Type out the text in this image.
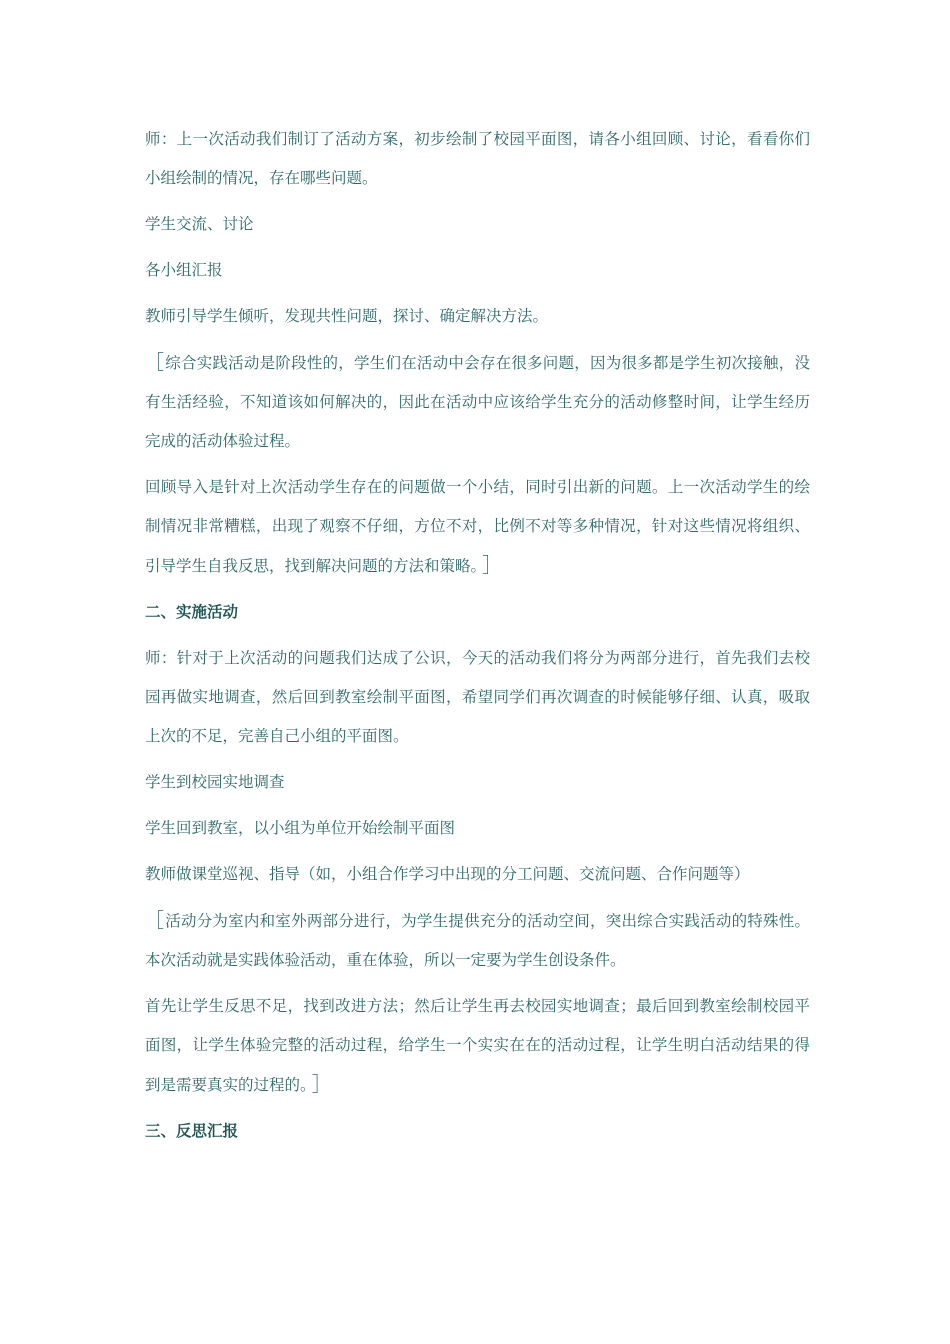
师：上一次活动我们制订了活动方案，初步绘制了校园平面图，请各小组回顾、讨论，看看你们小组绘制的情况，存在哪些问题。

学生交流、讨论

各小组汇报

教师引导学生倾听，发现共性问题，探讨、确定解决方法。

［综合实践活动是阶段性的，学生们在活动中会存在很多问题，因为很多都是学生初次接触，没有生活经验，不知道该如何解决的，因此在活动中应该给学生充分的活动修整时间，让学生经历完成的活动体验过程。

回顾导入是针对上次活动学生存在的问题做一个小结，同时引出新的问题。上一次活动学生的绘制情况非常糟糕，出现了观察不仔细，方位不对，比例不对等多种情况，针对这些情况将组织、引导学生自我反思，找到解决问题的方法和策略。 ］

二、实施活动

师：针对于上次活动的问题我们达成了公识，今天的活动我们将分为两部分进行，首先我们去校园再做实地调查，然后回到教室绘制平面图，希望同学们再次调查的时候能够仔细、认真，吸取上次的不足，完善自己小组的平面图。

学生到校园实地调查

学生回到教室，以小组为单位开始绘制平面图

教师做课堂巡视、指导（如，小组合作学习中出现的分工问题、交流问题、合作问题等）

［活动分为室内和室外两部分进行，为学生提供充分的活动空间，突出综合实践活动的特殊性。本次活动就是实践体验活动，重在体验，所以一定要为学生创设条件。

首先让学生反思不足，找到改进方法；然后让学生再去校园实地调查；最后回到教室绘制校园平面图，让学生体验完整的活动过程，给学生一个实实在在的活动过程，让学生明白活动结果的得到是需要真实的过程的。 ］

三、反思汇报
